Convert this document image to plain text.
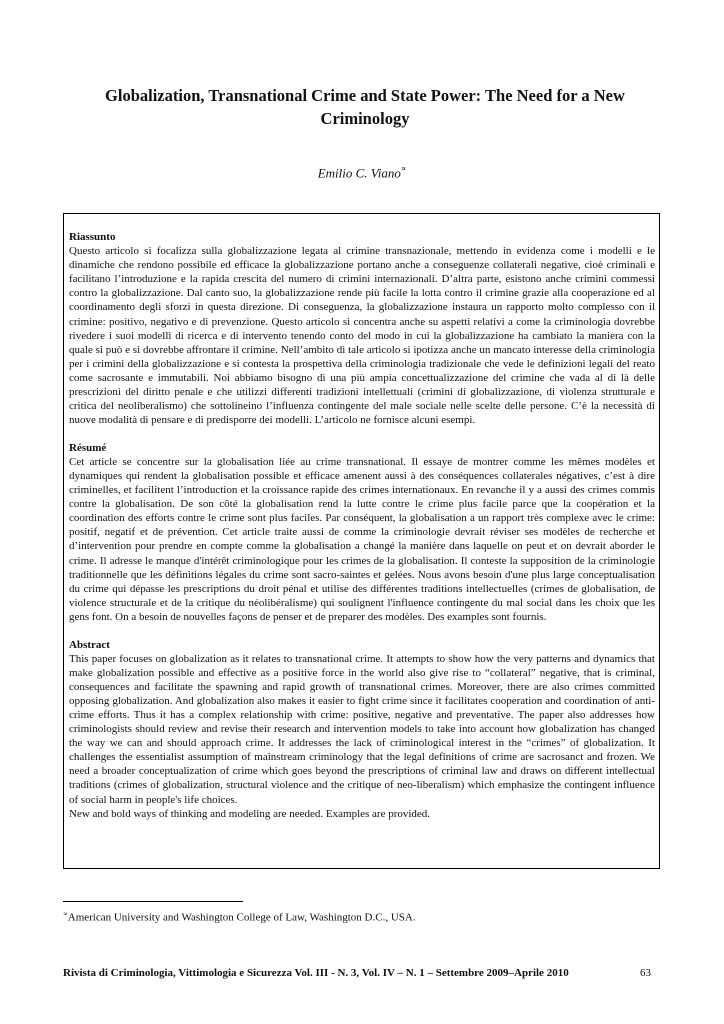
Globalization, Transnational Crime and State Power: The Need for a New Criminology
Emilio C. Viano∝
Riassunto
Questo articolo si focalizza sulla globalizzazione legata al crimine transnazionale, mettendo in evidenza come i modelli e le dinamiche che rendono possibile ed efficace la globalizzazione portano anche a conseguenze collaterali negative, cioè criminali e facilitano l’introduzione e la rapida crescita del numero di crimini internazionali. D’altra parte, esistono anche crimini commessi contro la globalizzazione. Dal canto suo, la globalizzazione rende più facile la lotta contro il crimine grazie alla cooperazione ed al coordinamento degli sforzi in questa direzione. Di conseguenza, la globalizzazione instaura un rapporto molto complesso con il crimine: positivo, negativo e di prevenzione. Questo articolo si concentra anche su aspetti relativi a come la criminologia dovrebbe rivedere i suoi modelli di ricerca e di intervento tenendo conto del modo in cui la globalizzazione ha cambiato la maniera con la quale si può e si dovrebbe affrontare il crimine. Nell’ambito di tale articolo si ipotizza anche un mancato interesse della criminologia per i crimini della globalizzazione e si contesta la prospettiva della criminologia tradizionale che vede le definizioni legali del reato come sacrosante e immutabili. Noi abbiamo bisogno di una più ampia concettualizzazione del crimine che vada al di là delle prescrizioni del diritto penale e che utilizzi differenti tradizioni intellettuali (crimini di globalizzazione, di violenza strutturale e critica del neoliberalismo) che sottolineino l’influenza contingente del male sociale nelle scelte delle persone. C’è la necessità di nuove modalità di pensare e di predisporre dei modelli. L’articolo ne fornisce alcuni esempi.
Résumé
Cet article se concentre sur la globalisation liée au crime transnational. Il essaye de montrer comme les mêmes modèles et dynamiques qui rendent la globalisation possible et efficace amenent aussi à des conséquences collaterales négatives, c’est à dire criminelles, et facilitent l’introduction et la croissance rapide des crimes internationaux. En revanche il y a aussi des crimes commis contre la globalisation. De son côté la globalisation rend la lutte contre le crime plus facile parce que la coopération et la coordination des efforts contre le crime sont plus faciles. Par conséquent, la globalisation a un rapport très complexe avec le crime: positif, negatif et de prévention. Cet article traite aussi de comme la criminologie devrait réviser ses modèles de recherche et d’intervention pour prendre en compte comme la globalisation a changé la manière dans laquelle on peut et on devrait aborder le crime. Il adresse le manque d'intérêt criminologique pour les crimes de la globalisation. Il conteste la supposition de la criminologie traditionnelle que les définitions légales du crime sont sacro-saintes et gelées. Nous avons besoin d'une plus large conceptualisation du crime qui dépasse les prescriptions du droit pénal et utilise des différentes traditions intellectuelles (crimes de globalisation, de violence structurale et de la critique du néolibéralisme) qui soulignent l'influence contingente du mal social dans les choix que les gens font. On a besoin de nouvelles façons de penser et de preparer des modèles. Des examples sont fournis.
Abstract
This paper focuses on globalization as it relates to transnational crime. It attempts to show how the very patterns and dynamics that make globalization possible and effective as a positive force in the world also give rise to “collateral” negative, that is criminal, consequences and facilitate the spawning and rapid growth of transnational crimes. Moreover, there are also crimes committed opposing globalization. And globalization also makes it easier to fight crime since it facilitates cooperation and coordination of anti-crime efforts. Thus it has a complex relationship with crime: positive, negative and preventative. The paper also addresses how criminologists should review and revise their research and intervention models to take into account how globalization has changed the way we can and should approach crime. It addresses the lack of criminological interest in the “crimes” of globalization. It challenges the essentialist assumption of mainstream criminology that the legal definitions of crime are sacrosanct and frozen. We need a broader conceptualization of crime which goes beyond the prescriptions of criminal law and draws on different intellectual traditions (crimes of globalization, structural violence and the critique of neo-liberalism) which emphasize the contingent influence of social harm in people's life choices.
New and bold ways of thinking and modeling are needed. Examples are provided.
∝American University and Washington College of Law, Washington D.C., USA.
Rivista di Criminologia, Vittimologia e Sicurezza Vol. III - N. 3, Vol. IV – N. 1 – Settembre 2009–Aprile 2010	63
